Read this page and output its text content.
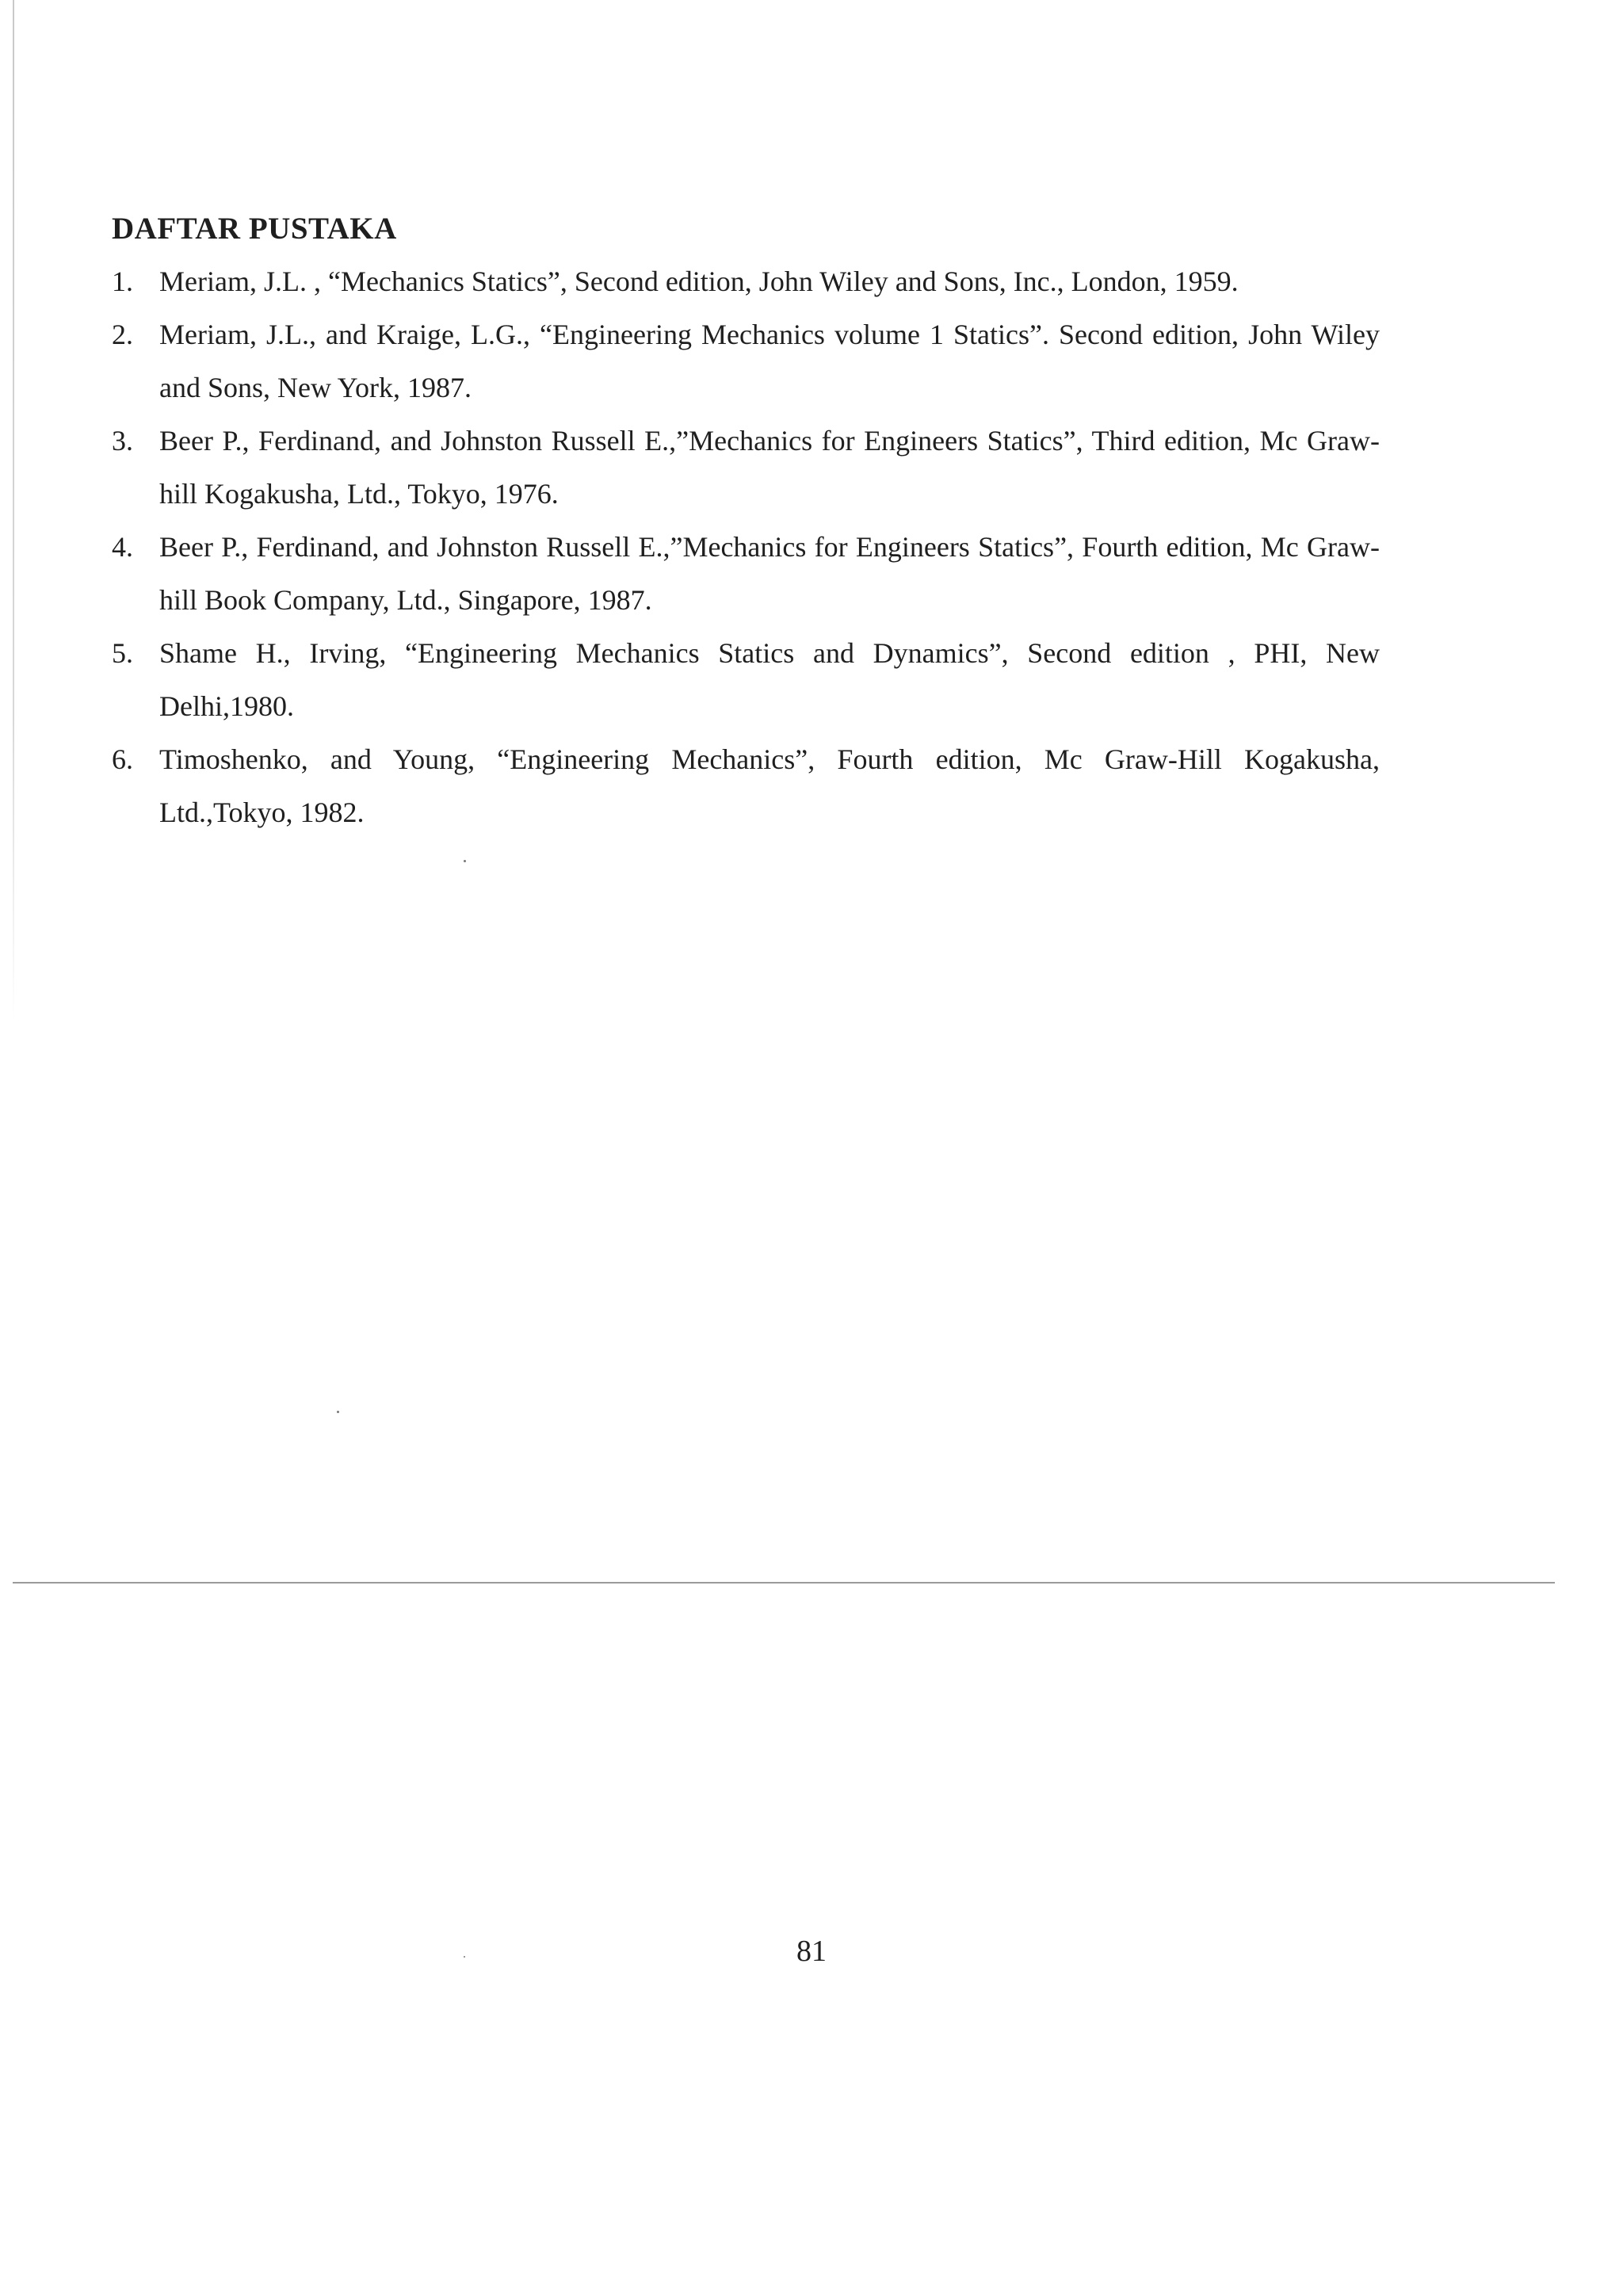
DAFTAR PUSTAKA
1. Meriam, J.L. , “Mechanics Statics”, Second edition, John Wiley and Sons, Inc., London, 1959.
2. Meriam, J.L., and Kraige, L.G., “Engineering Mechanics volume 1 Statics”. Second edition, John Wiley and Sons, New York, 1987.
3. Beer P., Ferdinand, and Johnston Russell E.,”Mechanics for Engineers Statics”, Third edition, Mc Graw-hill Kogakusha, Ltd., Tokyo, 1976.
4. Beer P., Ferdinand, and Johnston Russell E.,”Mechanics for Engineers Statics”, Fourth edition, Mc Graw-hill Book Company, Ltd., Singapore, 1987.
5. Shame H., Irving, “Engineering Mechanics Statics and Dynamics”, Second edition , PHI, New Delhi,1980.
6. Timoshenko, and Young, “Engineering Mechanics”, Fourth edition, Mc Graw-Hill Kogakusha, Ltd.,Tokyo, 1982.
81
